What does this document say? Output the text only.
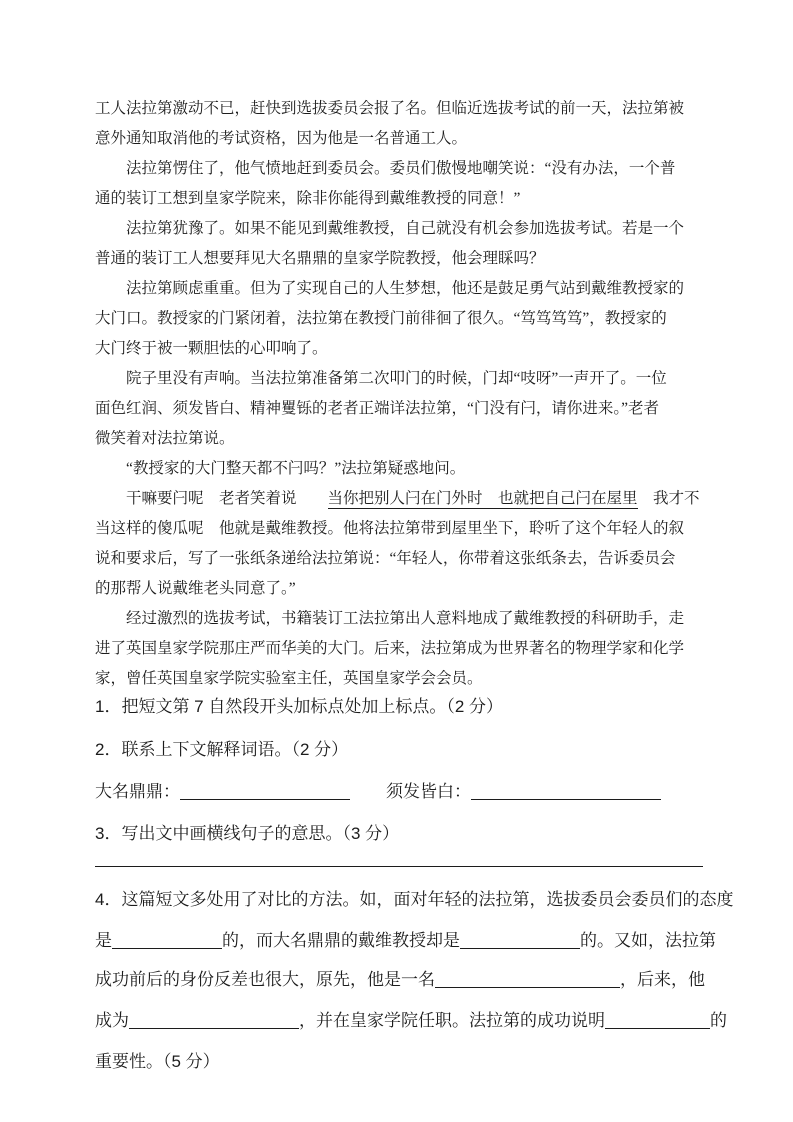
工人法拉第激动不已，赶快到选拔委员会报了名。但临近选拔考试的前一天，法拉第被
意外通知取消他的考试资格，因为他是一名普通工人。
　　法拉第愣住了，他气愤地赶到委员会。委员们傲慢地嘲笑说：“没有办法，一个普
通的装订工想到皇家学院来，除非你能得到戴维教授的同意！”
　　法拉第犹豫了。如果不能见到戴维教授，自己就没有机会参加选拔考试。若是一个
普通的装订工人想要拜见大名鼎鼎的皇家学院教授，他会理睬吗？
　　法拉第顾虑重重。但为了实现自己的人生梦想，他还是鼓足勇气站到戴维教授家的
大门口。教授家的门紧闭着，法拉第在教授门前徘徊了很久。“笃笃笃笃”，教授家的
大门终于被一颗胆怯的心叩响了。
　　院子里没有声响。当法拉第准备第二次叩门的时候，门却“吱呀”一声开了。一位
面色红润、须发皆白、精神矍铄的老者正端详法拉第，“门没有闩，请你进来。”老者
微笑着对法拉第说。
　　“教授家的大门整天都不闩吗？”法拉第疑惑地问。
　　干嘛要闩呢　老者笑着说　　当你把别人闩在门外时　也就把自己闩在屋里　我才不
当这样的傻瓜呢　他就是戴维教授。他将法拉第带到屋里坐下，聆听了这个年轻人的叙
说和要求后，写了一张纸条递给法拉第说：“年轻人，你带着这张纸条去，告诉委员会
的那帮人说戴维老头同意了。”
　　经过激烈的选拔考试，书籍装订工法拉第出人意料地成了戴维教授的科研助手，走
进了英国皇家学院那庄严而华美的大门。后来，法拉第成为世界著名的物理学家和化学
家，曾任英国皇家学院实验室主任，英国皇家学会会员。
1．把短文第 7 自然段开头加标点处加上标点。（2 分）
2．联系上下文解释词语。（2 分）
大名鼎鼎：	须发皆白：
3．写出文中画横线句子的意思。（3 分）
4．这篇短文多处用了对比的方法。如，面对年轻的法拉第，选拔委员会委员们的态度
是	的，而大名鼎鼎的戴维教授却是	的。又如，法拉第
成功前后的身份反差也很大，原先，他是一名	，后来，他
成为	，并在皇家学院任职。法拉第的成功说明	的
重要性。（5 分）
